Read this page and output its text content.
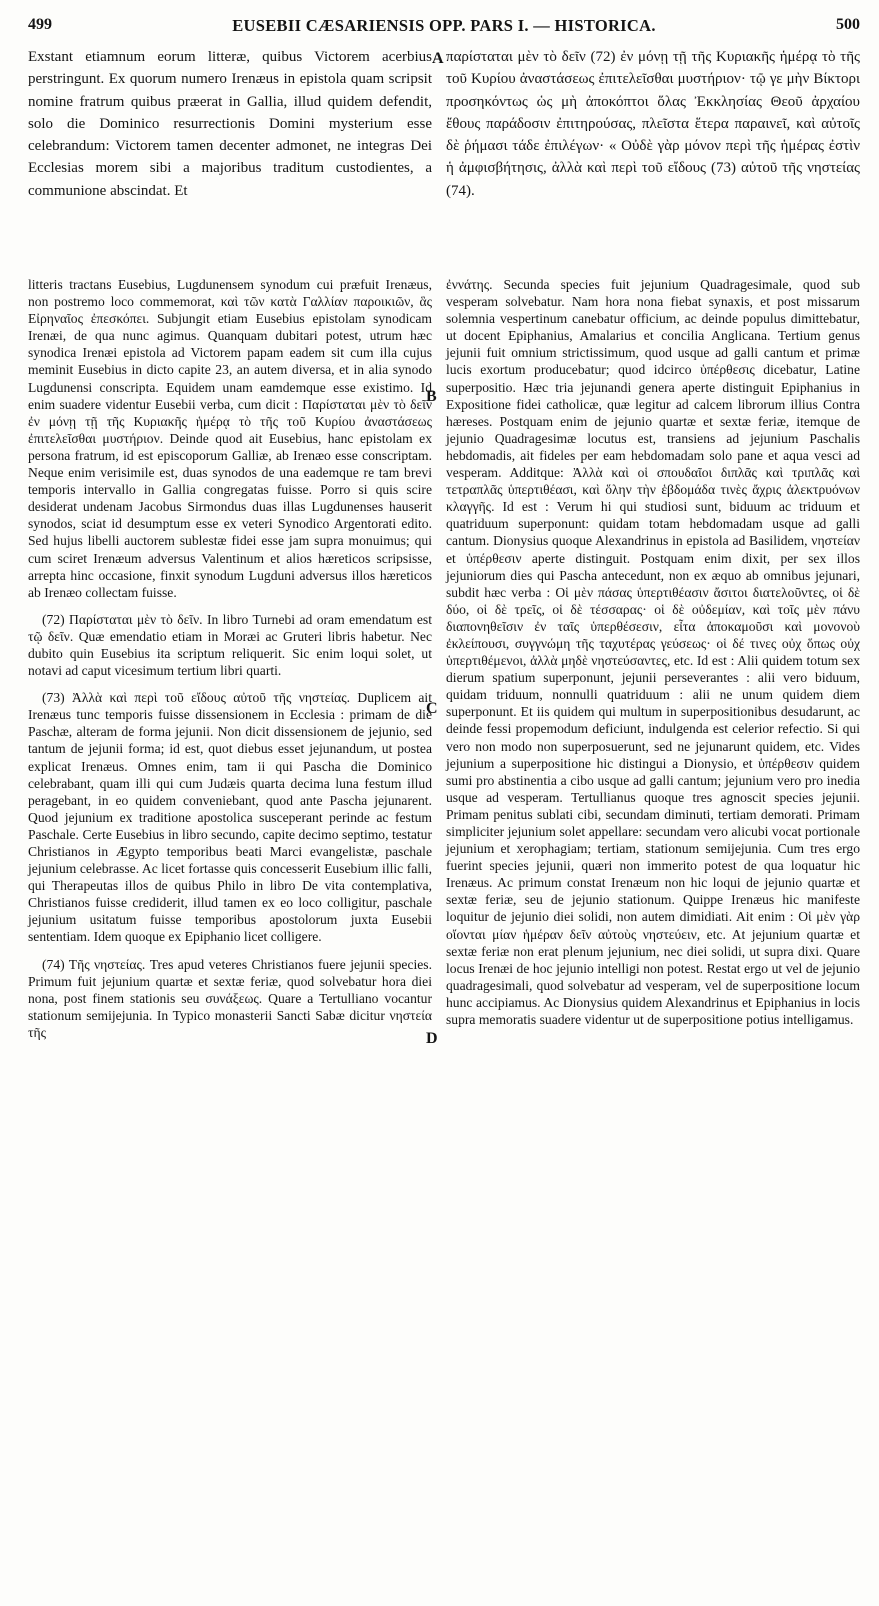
499	EUSEBII CÆSARIENSIS OPP. PARS I. — HISTORICA.	500

Exstant etiamnum eorum litteræ, quibus Victorem acerbius perstringunt. Ex quorum numero Irenæus in epistola quam scripsit nomine fratrum quibus præerat in Gallia, illud quidem defendit, solo die Dominico resurrectionis Domini mysterium esse celebrandum: Victorem tamen decenter admonet, ne integras Dei Ecclesias morem sibi a majoribus traditum custodientes, a communione abscindat. Et

A παρίσταται μὲν τὸ δεῖν (72) ἐν μόνῃ τῇ τῆς Κυριακῆς ἡμέρᾳ τὸ τῆς τοῦ Κυρίου ἀναστάσεως ἐπιτελεῖσθαι μυστήριον· τῷ γε μὴν Βίκτορι προσηκόντως ὡς μὴ ἀποκόπτοι ὅλας Ἐκκλησίας Θεοῦ ἀρχαίου ἔθους παράδοσιν ἐπιτηρούσας, πλεῖστα ἕτερα παραινεῖ, καὶ αὐτοῖς δὲ ῥήμασι τάδε ἐπιλέγων· « Οὐδὲ γὰρ μόνον περὶ τῆς ἡμέρας ἐστὶν ἡ ἀμφισβήτησις, ἀλλὰ καὶ περὶ τοῦ εἴδους (73) αὐτοῦ τῆς νηστείας (74).

litteris tractans Eusebius, Lugdunensem synodum cui præfuit Irenæus, non postremo loco commemorat, καὶ τῶν κατὰ Γαλλίαν παροικιῶν, ἃς Εἰρηναῖος ἐπεσκόπει. Subjungit etiam Eusebius epistolam synodicam Irenæi, de qua nunc agimus. Quanquam dubitari potest, utrum hæc synodica Irenæi epistola ad Victorem papam eadem sit cum illa cujus meminit Eusebius in dicto capite 23, an autem diversa, et in alia synodo Lugdunensi conscripta. Equidem unam eamdemque esse existimo. Id enim suadere videntur Eusebii verba, cum dicit : Παρίσταται μὲν τὸ δεῖν ἐν μόνῃ τῇ τῆς Κυριακῆς ἡμέρᾳ τὸ τῆς τοῦ Κυρίου ἀναστάσεως ἐπιτελεῖσθαι μυστήριον. Deinde quod ait Eusebius, hanc epistolam ex persona fratrum, id est episcoporum Galliæ, ab Irenæo esse conscriptam. Neque enim verisimile est, duas synodos de una eademque re tam brevi temporis intervallo in Gallia congregatas fuisse. Porro si quis scire desiderat undenam Jacobus Sirmondus duas illas Lugdunenses hauserit synodos, sciat id desumptum esse ex veteri Synodico Argentorati edito. Sed hujus libelli auctorem sublestæ fidei esse jam supra monuimus; qui cum sciret Irenæum adversus Valentinum et alios hæreticos scripsisse, arrepta hinc occasione, finxit synodum Lugduni adversus illos hæreticos ab Irenæo collectam fuisse.

(72) Παρίσταται μὲν τὸ δεῖν. In libro Turnebi ad oram emendatum est τῷ δεῖν. Quæ emendatio etiam in Moræi ac Gruteri libris habetur. Nec dubito quin Eusebius ita scriptum reliquerit. Sic enim loqui solet, ut notavi ad caput vicesimum tertium libri quarti.

(73) Ἀλλὰ καὶ περὶ τοῦ εἴδους αὐτοῦ τῆς νηστείας. Duplicem ait Irenæus tunc temporis fuisse dissensionem in Ecclesia : primam de die Paschæ, alteram de forma jejunii. Non dicit dissensionem de jejunio, sed tantum de jejunii forma; id est, quot diebus esset jejunandum, ut postea explicat Irenæus. Omnes enim, tam ii qui Pascha die Dominico celebrabant, quam illi qui cum Judæis quarta decima luna festum illud peragebant, in eo quidem conveniebant, quod ante Pascha jejunarent. Quod jejunium ex traditione apostolica susceperant perinde ac festum Paschale. Certe Eusebius in libro secundo, capite decimo septimo, testatur Christianos in Ægypto temporibus beati Marci evangelistæ, paschale jejunium celebrasse. Ac licet fortasse quis concesserit Eusebium illic falli, qui Therapeutas illos de quibus Philo in libro De vita contemplativa, Christianos fuisse crediderit, illud tamen ex eo loco colligitur, paschale jejunium usitatum fuisse temporibus apostolorum juxta Eusebii sententiam. Idem quoque ex Epiphanio licet colligere.

(74) Τῆς νηστείας. Tres apud veteres Christianos fuere jejunii species. Primum fuit jejunium quartæ et sextæ feriæ, quod solvebatur hora diei nona, post finem stationis seu συνάξεως. Quare a Tertulliano vocantur stationum semijejunia. In Typico monasterii Sancti Sabæ dicitur νηστεία τῆς

B
C
D

ἐννάτης. Secunda species fuit jejunium Quadragesimale, quod sub vesperam solvebatur. Nam hora nona fiebat synaxis, et post missarum solemnia vespertinum canebatur officium, ac deinde populus dimittebatur, ut docent Epiphanius, Amalarius et concilia Anglicana. Tertium genus jejunii fuit omnium strictissimum, quod usque ad galli cantum et primæ lucis exortum producebatur; quod idcirco ὑπέρθεσις dicebatur, Latine superpositio. Hæc tria jejunandi genera aperte distinguit Epiphanius in Expositione fidei catholicæ, quæ legitur ad calcem librorum illius Contra hæreses. Postquam enim de jejunio quartæ et sextæ feriæ, itemque de jejunio Quadragesimæ locutus est, transiens ad jejunium Paschalis hebdomadis, ait fideles per eam hebdomadam solo pane et aqua vesci ad vesperam. Additque: Ἀλλὰ καὶ οἱ σπουδαῖοι διπλᾶς καὶ τριπλᾶς καὶ τετραπλᾶς ὑπερτιθέασι, καὶ ὅλην τὴν ἑβδομάδα τινὲς ἄχρις ἀλεκτρυόνων κλαγγῆς. Id est : Verum hi qui studiosi sunt, biduum ac triduum et quatriduum superponunt: quidam totam hebdomadam usque ad galli cantum. Dionysius quoque Alexandrinus in epistola ad Basilidem, νηστείαν et ὑπέρθεσιν aperte distinguit. Postquam enim dixit, per sex illos jejuniorum dies qui Pascha antecedunt, non ex æquo ab omnibus jejunari, subdit hæc verba : Οἱ μὲν πάσας ὑπερτιθέασιν ἄσιτοι διατελοῦντες, οἱ δὲ δύο, οἱ δὲ τρεῖς, οἱ δὲ τέσσαρας· οἱ δὲ οὐδεμίαν, καὶ τοῖς μὲν πάνυ διαπονηθεῖσιν ἐν ταῖς ὑπερθέσεσιν, εἶτα ἀποκαμοῦσι καὶ μονονοὺ ἐκλείπουσι, συγγνώμη τῆς ταχυτέρας γεύσεως· οἱ δέ τινες οὐχ ὅπως οὐχ ὑπερτιθέμενοι, ἀλλὰ μηδὲ νηστεύσαντες, etc. Id est : Alii quidem totum sex dierum spatium superponunt, jejunii perseverantes : alii vero biduum, quidam triduum, nonnulli quatriduum : alii ne unum quidem diem superponunt. Et iis quidem qui multum in superpositionibus desudarunt, ac deinde fessi propemodum deficiunt, indulgenda est celerior refectio. Si qui vero non modo non superposuerunt, sed ne jejunarunt quidem, etc. Vides jejunium a superpositione hic distingui a Dionysio, et ὑπέρθεσιν quidem sumi pro abstinentia a cibo usque ad galli cantum; jejunium vero pro inedia usque ad vesperam. Tertullianus quoque tres agnoscit species jejunii. Primam penitus sublati cibi, secundam diminuti, tertiam demorati. Primam simpliciter jejunium solet appellare: secundam vero alicubi vocat portionale jejunium et xerophagiam; tertiam, stationum semijejunia. Cum tres ergo fuerint species jejunii, quæri non immerito potest de qua loquatur hic Irenæus. Ac primum constat Irenæum non hic loqui de jejunio quartæ et sextæ feriæ, seu de jejunio stationum. Quippe Irenæus hic manifeste loquitur de jejunio diei solidi, non autem dimidiati. Ait enim : Οἱ μὲν γὰρ οἴονται μίαν ἡμέραν δεῖν αὐτοὺς νηστεύειν, etc. At jejunium quartæ et sextæ feriæ non erat plenum jejunium, nec diei solidi, ut supra dixi. Quare locus Irenæi de hoc jejunio intelligi non potest. Restat ergo ut vel de jejunio quadragesimali, quod solvebatur ad vesperam, vel de superpositione locum hunc accipiamus. Ac Dionysius quidem Alexandrinus et Epiphanius in locis supra memoratis suadere videntur ut de superpositione potius intelligamus.
